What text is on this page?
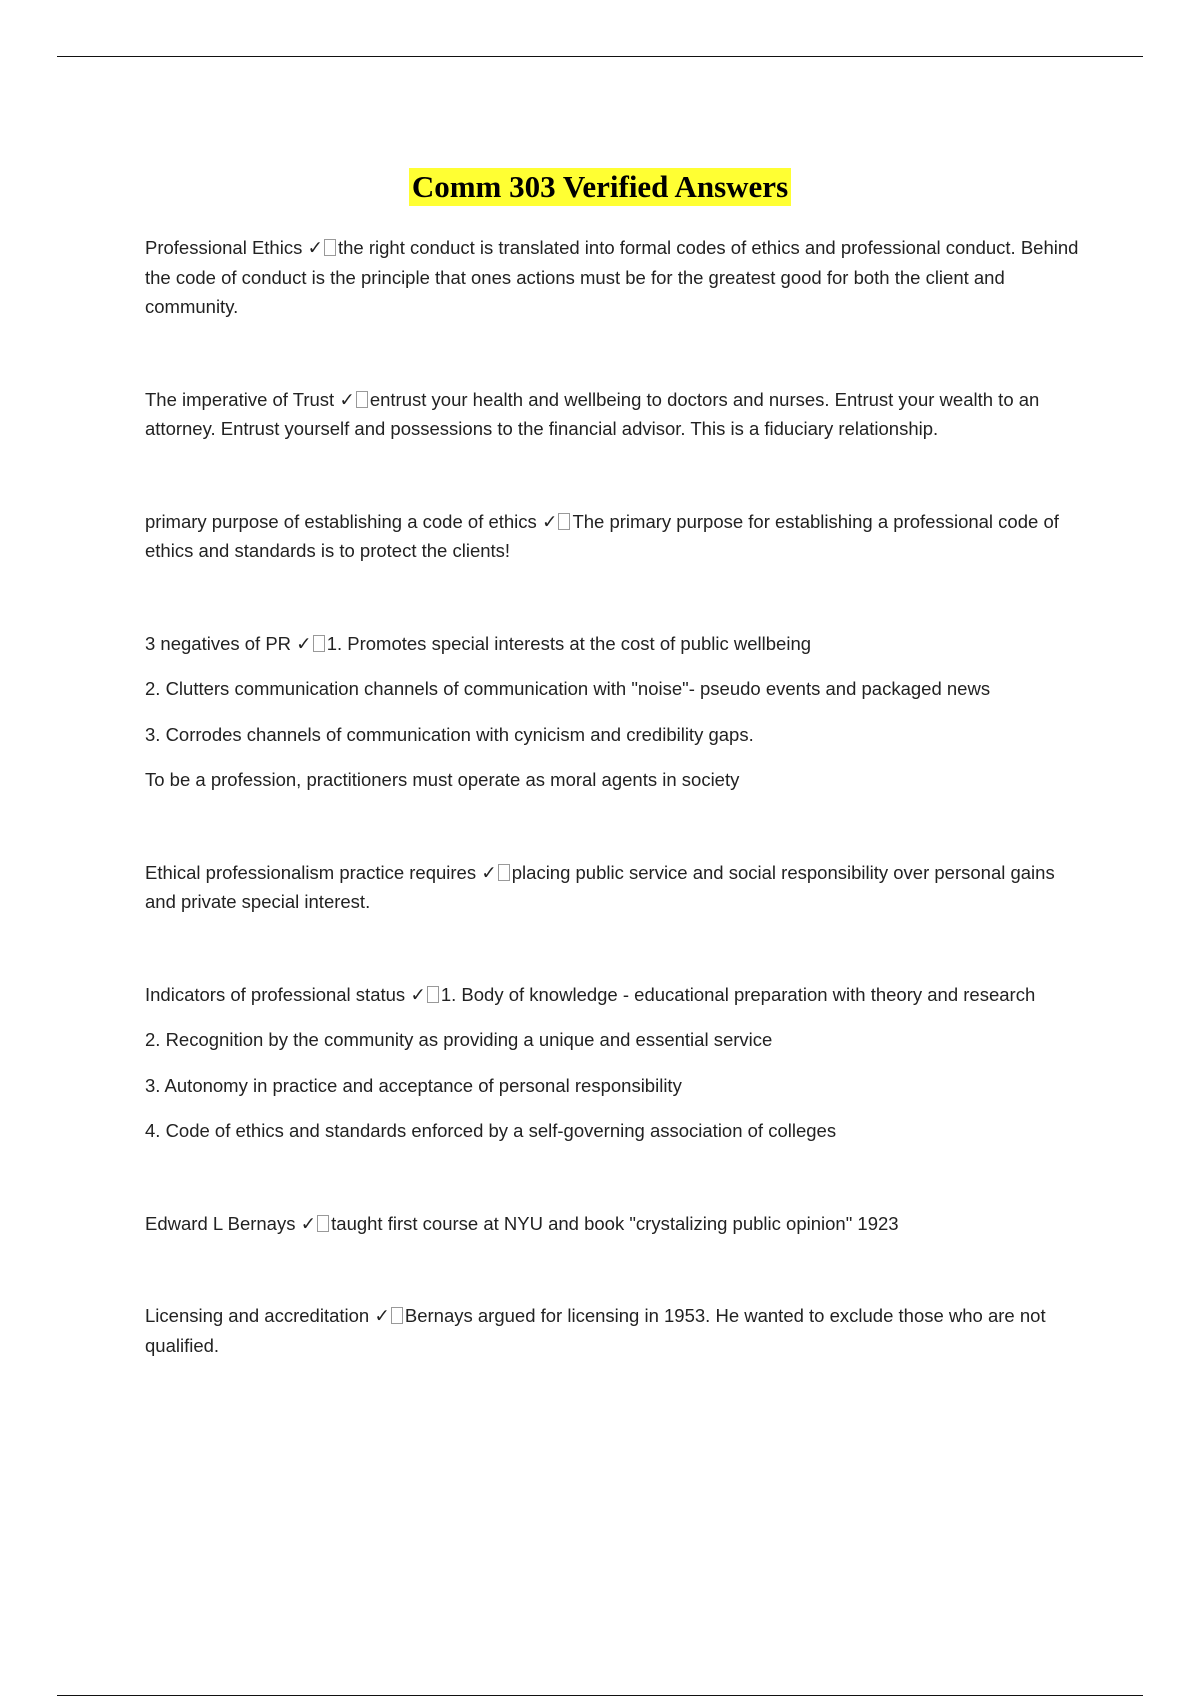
Comm 303 Verified Answers

Professional Ethics ✓ the right conduct is translated into formal codes of ethics and professional conduct. Behind the code of conduct is the principle that ones actions must be for the greatest good for both the client and community.

The imperative of Trust ✓ entrust your health and wellbeing to doctors and nurses. Entrust your wealth to an attorney. Entrust yourself and possessions to the financial advisor. This is a fiduciary relationship.

primary purpose of establishing a code of ethics ✓ The primary purpose for establishing a professional code of ethics and standards is to protect the clients!

3 negatives of PR ✓ 1. Promotes special interests at the cost of public wellbeing

2. Clutters communication channels of communication with "noise"- pseudo events and packaged news

3. Corrodes channels of communication with cynicism and credibility gaps.

To be a profession, practitioners must operate as moral agents in society

Ethical professionalism practice requires ✓ placing public service and social responsibility over personal gains and private special interest.

Indicators of professional status ✓ 1. Body of knowledge - educational preparation with theory and research

2. Recognition by the community as providing a unique and essential service

3. Autonomy in practice and acceptance of personal responsibility

4. Code of ethics and standards enforced by a self-governing association of colleges

Edward L Bernays ✓ taught first course at NYU and book "crystalizing public opinion" 1923

Licensing and accreditation ✓ Bernays argued for licensing in 1953. He wanted to exclude those who are not qualified.
